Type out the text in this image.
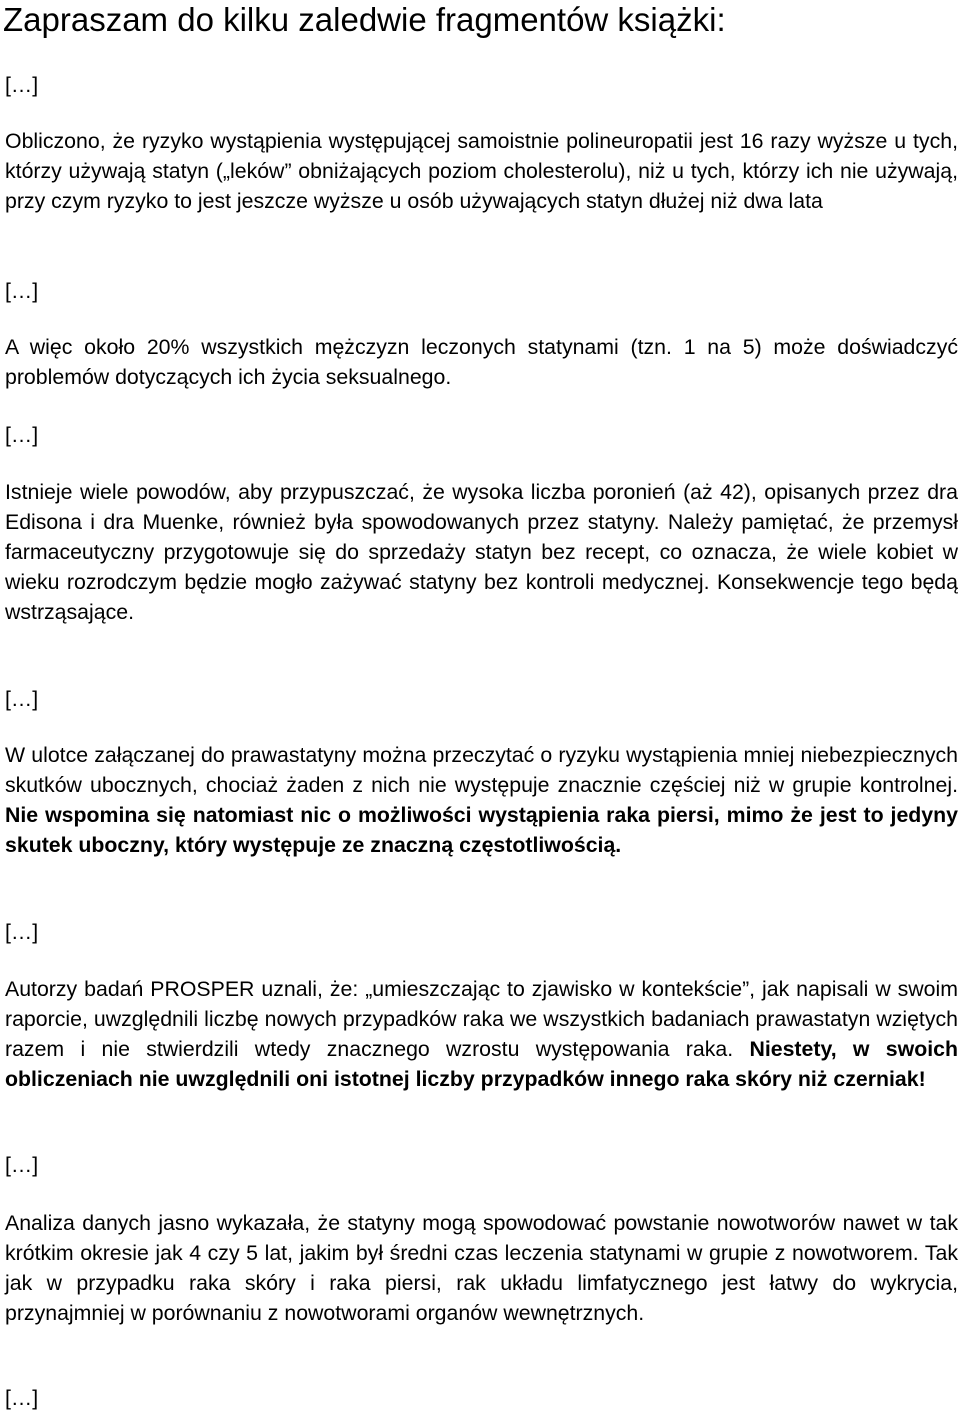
Zapraszam do kilku zaledwie fragmentów książki:
[…]

Obliczono, że ryzyko wystąpienia występującej samoistnie polineuropatii jest 16 razy wyższe u tych, którzy używają statyn („leków” obniżających poziom cholesterolu), niż u tych, którzy ich nie używają, przy czym ryzyko to jest jeszcze wyższe u osób używających statyn dłużej niż dwa lata

[…]

A więc około 20% wszystkich mężczyzn leczonych statynami (tzn. 1 na 5) może doświadczyć problemów dotyczących ich życia seksualnego.

[…]

Istnieje wiele powodów, aby przypuszczać, że wysoka liczba poronień (aż 42), opisanych przez dra Edisona i dra Muenke, również była spowodowanych przez statyny. Należy pamiętać, że przemysł farmaceutyczny przygotowuje się do sprzedaży statyn bez recept, co oznacza, że wiele kobiet w wieku rozrodczym będzie mogło zażywać statyny bez kontroli medycznej. Konsekwencje tego będą wstrząsające.

[…]

W ulotce załączanej do prawastatyny można przeczytać o ryzyku wystąpienia mniej niebezpiecznych skutków ubocznych, chociaż żaden z nich nie występuje znacznie częściej niż w grupie kontrolnej. Nie wspomina się natomiast nic o możliwości wystąpienia raka piersi, mimo że jest to jedyny skutek uboczny, który występuje ze znaczną częstotliwością.

[…]

Autorzy badań PROSPER uznali, że: „umieszczając to zjawisko w kontekście”, jak napisali w swoim raporcie, uwzględnili liczbę nowych przypadków raka we wszystkich badaniach prawastatyn wziętych razem i nie stwierdzili wtedy znacznego wzrostu występowania raka. Niestety, w swoich obliczeniach nie uwzględnili oni istotnej liczby przypadków innego raka skóry niż czerniak!

[…]

Analiza danych jasno wykazała, że statyny mogą spowodować powstanie nowotworów nawet w tak krótkim okresie jak 4 czy 5 lat, jakim był średni czas leczenia statynami w grupie z nowotworem. Tak jak w przypadku raka skóry i raka piersi, rak układu limfatycznego jest łatwy do wykrycia, przynajmniej w porównaniu z nowotworami organów wewnętrznych.

[…]
